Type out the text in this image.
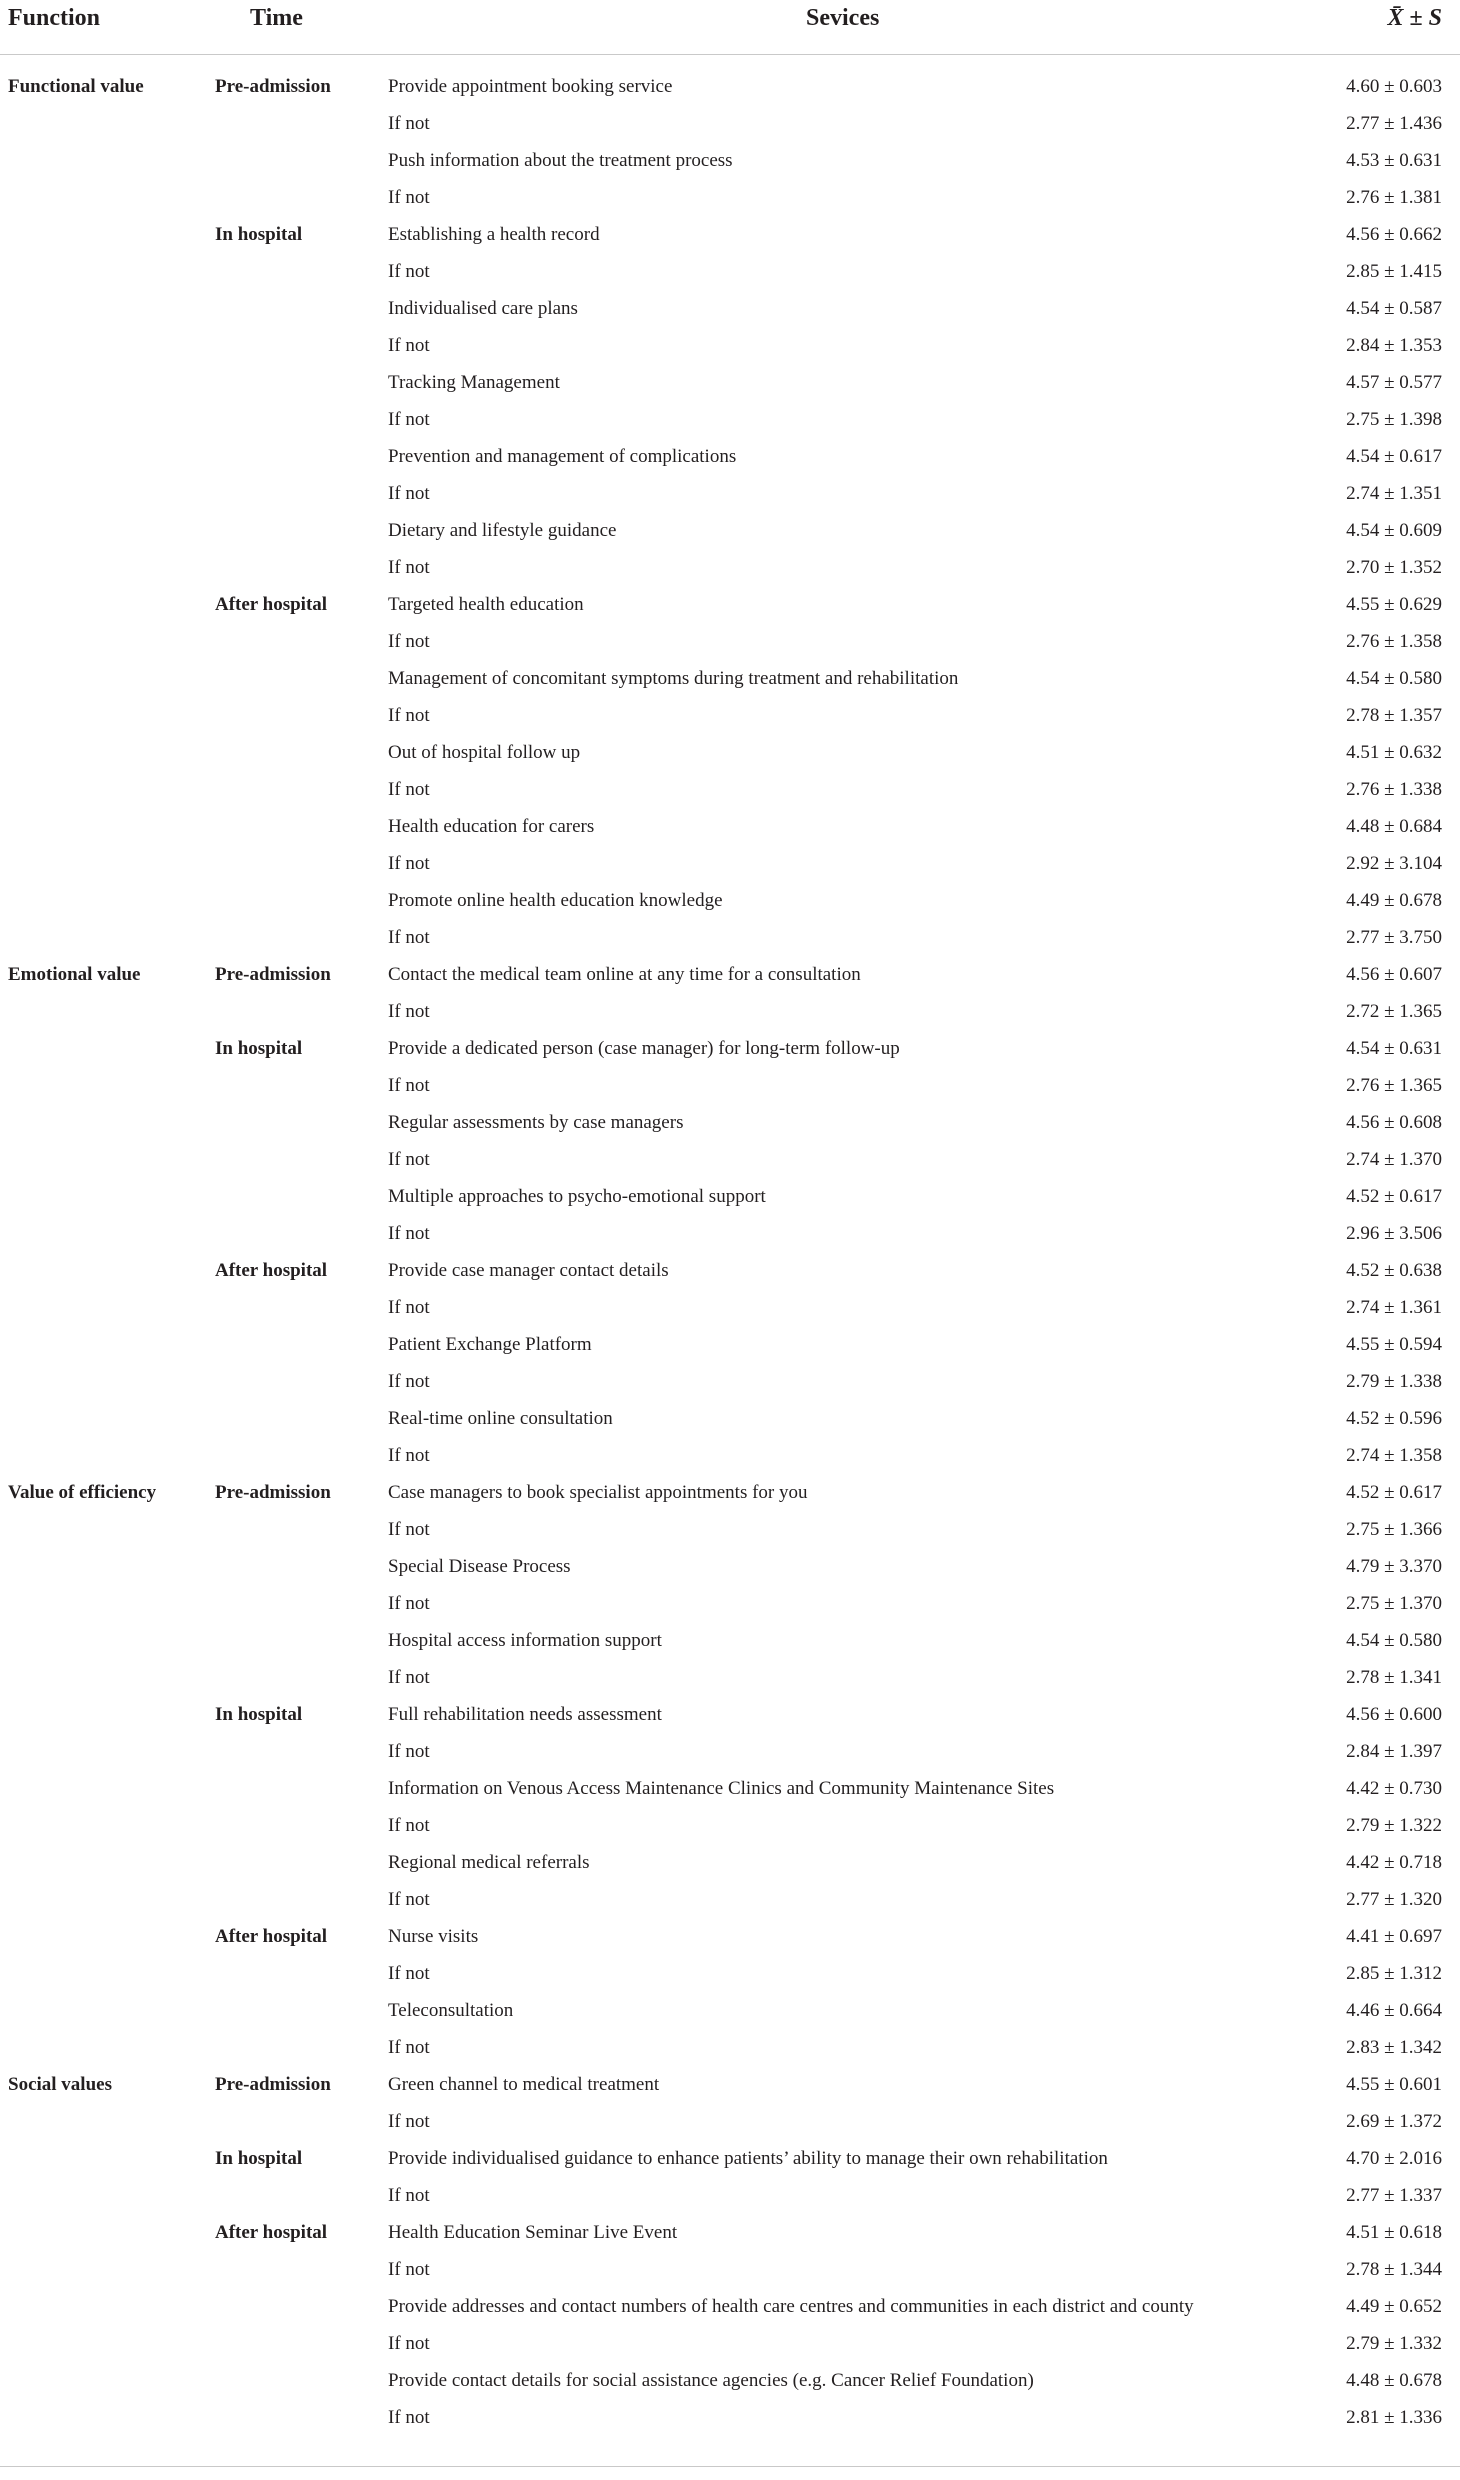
Function	Time	Sevices	X̄ ± S
Functional value	Pre-admission	Provide appointment booking service	4.60 ± 0.603
If not	2.77 ± 1.436
Push information about the treatment process	4.53 ± 0.631
If not	2.76 ± 1.381
In hospital	Establishing a health record	4.56 ± 0.662
If not	2.85 ± 1.415
Individualised care plans	4.54 ± 0.587
If not	2.84 ± 1.353
Tracking Management	4.57 ± 0.577
If not	2.75 ± 1.398
Prevention and management of complications	4.54 ± 0.617
If not	2.74 ± 1.351
Dietary and lifestyle guidance	4.54 ± 0.609
If not	2.70 ± 1.352
After hospital	Targeted health education	4.55 ± 0.629
If not	2.76 ± 1.358
Management of concomitant symptoms during treatment and rehabilitation	4.54 ± 0.580
If not	2.78 ± 1.357
Out of hospital follow up	4.51 ± 0.632
If not	2.76 ± 1.338
Health education for carers	4.48 ± 0.684
If not	2.92 ± 3.104
Promote online health education knowledge	4.49 ± 0.678
If not	2.77 ± 3.750
Emotional value	Pre-admission	Contact the medical team online at any time for a consultation	4.56 ± 0.607
If not	2.72 ± 1.365
In hospital	Provide a dedicated person (case manager) for long-term follow-up	4.54 ± 0.631
If not	2.76 ± 1.365
Regular assessments by case managers	4.56 ± 0.608
If not	2.74 ± 1.370
Multiple approaches to psycho-emotional support	4.52 ± 0.617
If not	2.96 ± 3.506
After hospital	Provide case manager contact details	4.52 ± 0.638
If not	2.74 ± 1.361
Patient Exchange Platform	4.55 ± 0.594
If not	2.79 ± 1.338
Real-time online consultation	4.52 ± 0.596
If not	2.74 ± 1.358
Value of efficiency	Pre-admission	Case managers to book specialist appointments for you	4.52 ± 0.617
If not	2.75 ± 1.366
Special Disease Process	4.79 ± 3.370
If not	2.75 ± 1.370
Hospital access information support	4.54 ± 0.580
If not	2.78 ± 1.341
In hospital	Full rehabilitation needs assessment	4.56 ± 0.600
If not	2.84 ± 1.397
Information on Venous Access Maintenance Clinics and Community Maintenance Sites	4.42 ± 0.730
If not	2.79 ± 1.322
Regional medical referrals	4.42 ± 0.718
If not	2.77 ± 1.320
After hospital	Nurse visits	4.41 ± 0.697
If not	2.85 ± 1.312
Teleconsultation	4.46 ± 0.664
If not	2.83 ± 1.342
Social values	Pre-admission	Green channel to medical treatment	4.55 ± 0.601
If not	2.69 ± 1.372
In hospital	Provide individualised guidance to enhance patients’ ability to manage their own rehabilitation	4.70 ± 2.016
If not	2.77 ± 1.337
After hospital	Health Education Seminar Live Event	4.51 ± 0.618
If not	2.78 ± 1.344
Provide addresses and contact numbers of health care centres and communities in each district and county	4.49 ± 0.652
If not	2.79 ± 1.332
Provide contact details for social assistance agencies (e.g. Cancer Relief Foundation)	4.48 ± 0.678
If not	2.81 ± 1.336
